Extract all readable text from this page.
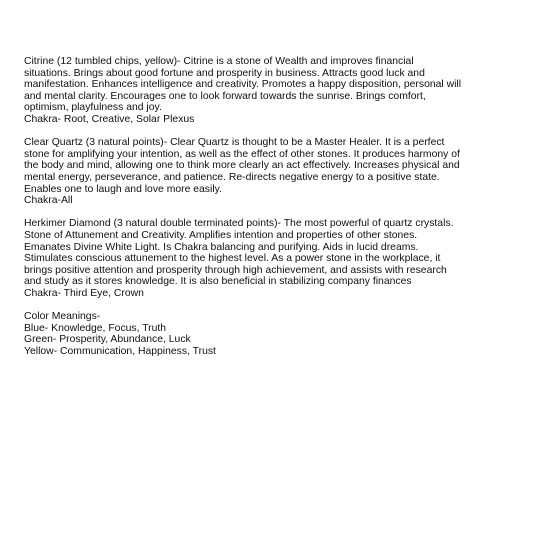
Citrine (12 tumbled chips, yellow)- Citrine is a stone of Wealth and improves financial
situations. Brings about good fortune and prosperity in business. Attracts good luck and
manifestation. Enhances intelligence and creativity. Promotes a happy disposition, personal will
and mental clarity. Encourages one to look forward towards the sunrise. Brings comfort,
optimism, playfulness and joy.
Chakra- Root, Creative, Solar Plexus
Clear Quartz (3 natural points)- Clear Quartz is thought to be a Master Healer. It is a perfect
stone for amplifying your intention, as well as the effect of other stones. It produces harmony of
the body and mind, allowing one to think more clearly an act effectively. Increases physical and
mental energy, perseverance, and patience. Re-directs negative energy to a positive state.
Enables one to laugh and love more easily.
Chakra-All
Herkimer Diamond (3 natural double terminated points)- The most powerful of quartz crystals.
Stone of Attunement and Creativity. Amplifies intention and properties of other stones.
Emanates Divine White Light. Is Chakra balancing and purifying. Aids in lucid dreams.
Stimulates conscious attunement to the highest level. As a power stone in the workplace, it
brings positive attention and prosperity through high achievement, and assists with research
and study as it stores knowledge. It is also beneficial in stabilizing company finances
Chakra- Third Eye, Crown
Color Meanings-
Blue- Knowledge, Focus, Truth
Green- Prosperity, Abundance, Luck
Yellow- Communication, Happiness, Trust
